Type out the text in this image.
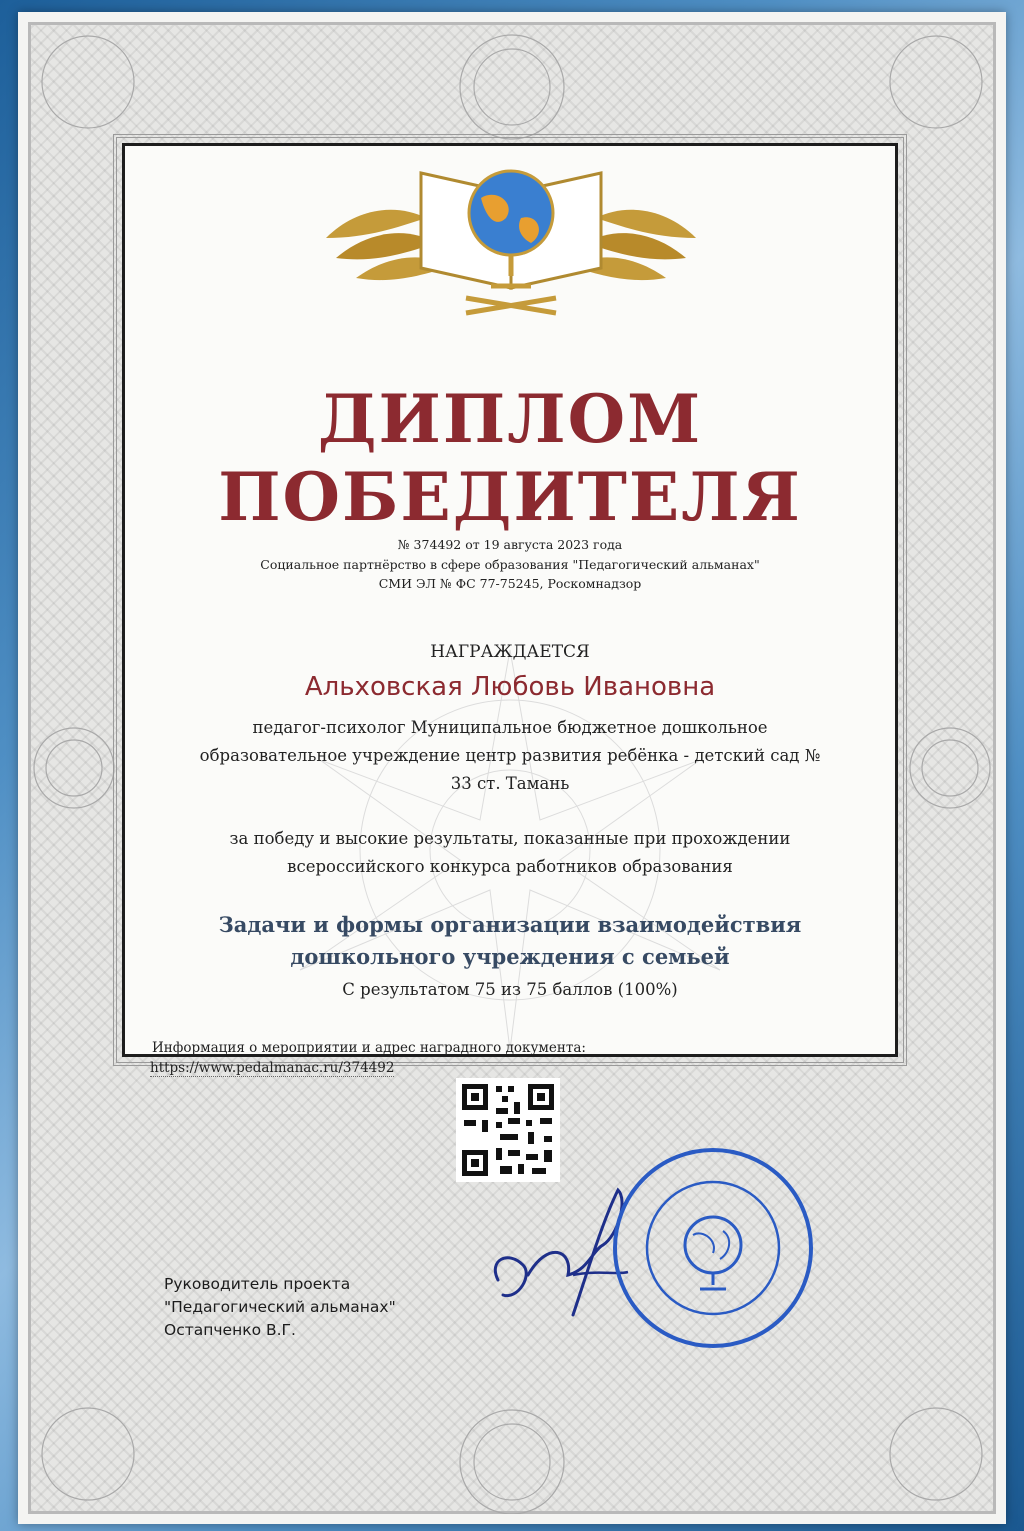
ДИПЛОМ
ПОБЕДИТЕЛЯ

№ 374492 от 19 августа 2023 года

Социальное партнёрство в сфере образования "Педагогический альманах"

СМИ ЭЛ № ФС 77-75245, Роскомнадзор

НАГРАЖДАЕТСЯ

Альховская Любовь Ивановна

педагог-психолог Муниципальное бюджетное дошкольное

образовательное учреждение центр развития ребёнка - детский сад №

33 ст. Тамань

за победу и высокие результаты, показанные при прохождении

всероссийского конкурса работников образования

Задачи и формы организации взаимодействия

дошкольного учреждения с семьей

С результатом 75 из 75 баллов (100%)

Информация о мероприятии и адрес наградного документа:

https://www.pedalmanac.ru/374492

Руководитель проекта

"Педагогический альманах"

Остапченко В.Г.
